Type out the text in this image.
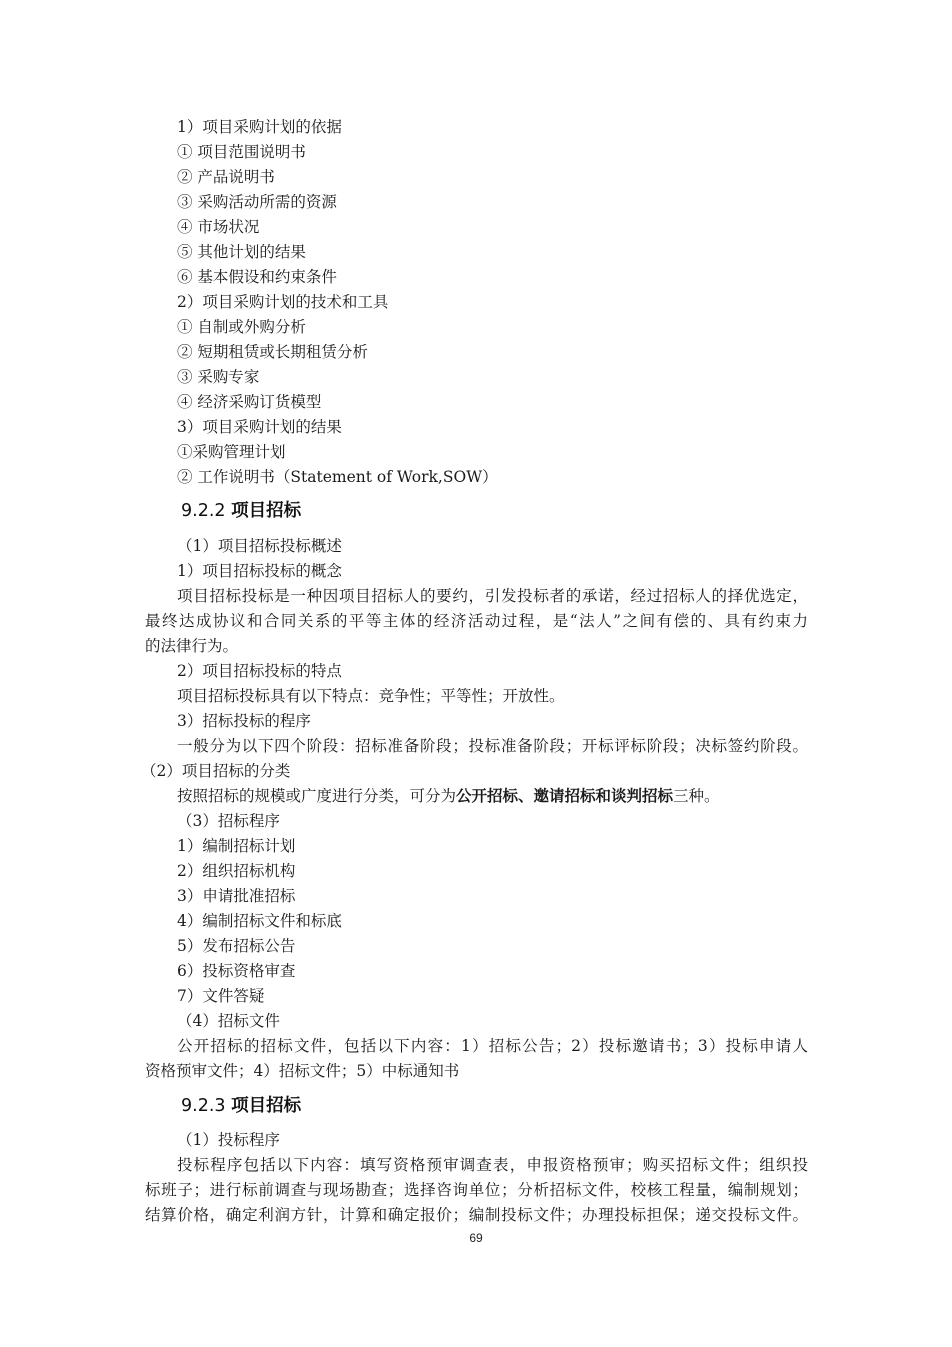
1）项目采购计划的依据
① 项目范围说明书
② 产品说明书
③ 采购活动所需的资源
④ 市场状况
⑤ 其他计划的结果
⑥ 基本假设和约束条件
2）项目采购计划的技术和工具
① 自制或外购分析
② 短期租赁或长期租赁分析
③ 采购专家
④ 经济采购订货模型
3）项目采购计划的结果
①采购管理计划
② 工作说明书（Statement of Work,SOW）
9.2.2 项目招标
（1）项目招标投标概述
1）项目招标投标的概念
项目招标投标是一种因项目招标人的要约，引发投标者的承诺，经过招标人的择优选定，
最终达成协议和合同关系的平等主体的经济活动过程，是“法人”之间有偿的、具有约束力
的法律行为。
2）项目招标投标的特点
项目招标投标具有以下特点：竞争性；平等性；开放性。
3）招标投标的程序
一般分为以下四个阶段：招标准备阶段；投标准备阶段；开标评标阶段；决标签约阶段。
（2）项目招标的分类
按照招标的规模或广度进行分类，可分为公开招标、邀请招标和谈判招标三种。
（3）招标程序
1）编制招标计划
2）组织招标机构
3）申请批准招标
4）编制招标文件和标底
5）发布招标公告
6）投标资格审查
7）文件答疑
（4）招标文件
公开招标的招标文件，包括以下内容：1）招标公告；2）投标邀请书；3）投标申请人
资格预审文件；4）招标文件；5）中标通知书
9.2.3 项目招标
（1）投标程序
投标程序包括以下内容：填写资格预审调查表，申报资格预审；购买招标文件；组织投
标班子；进行标前调查与现场勘查；选择咨询单位；分析招标文件，校核工程量，编制规划；
结算价格，确定利润方针，计算和确定报价；编制投标文件；办理投标担保；递交投标文件。
69
